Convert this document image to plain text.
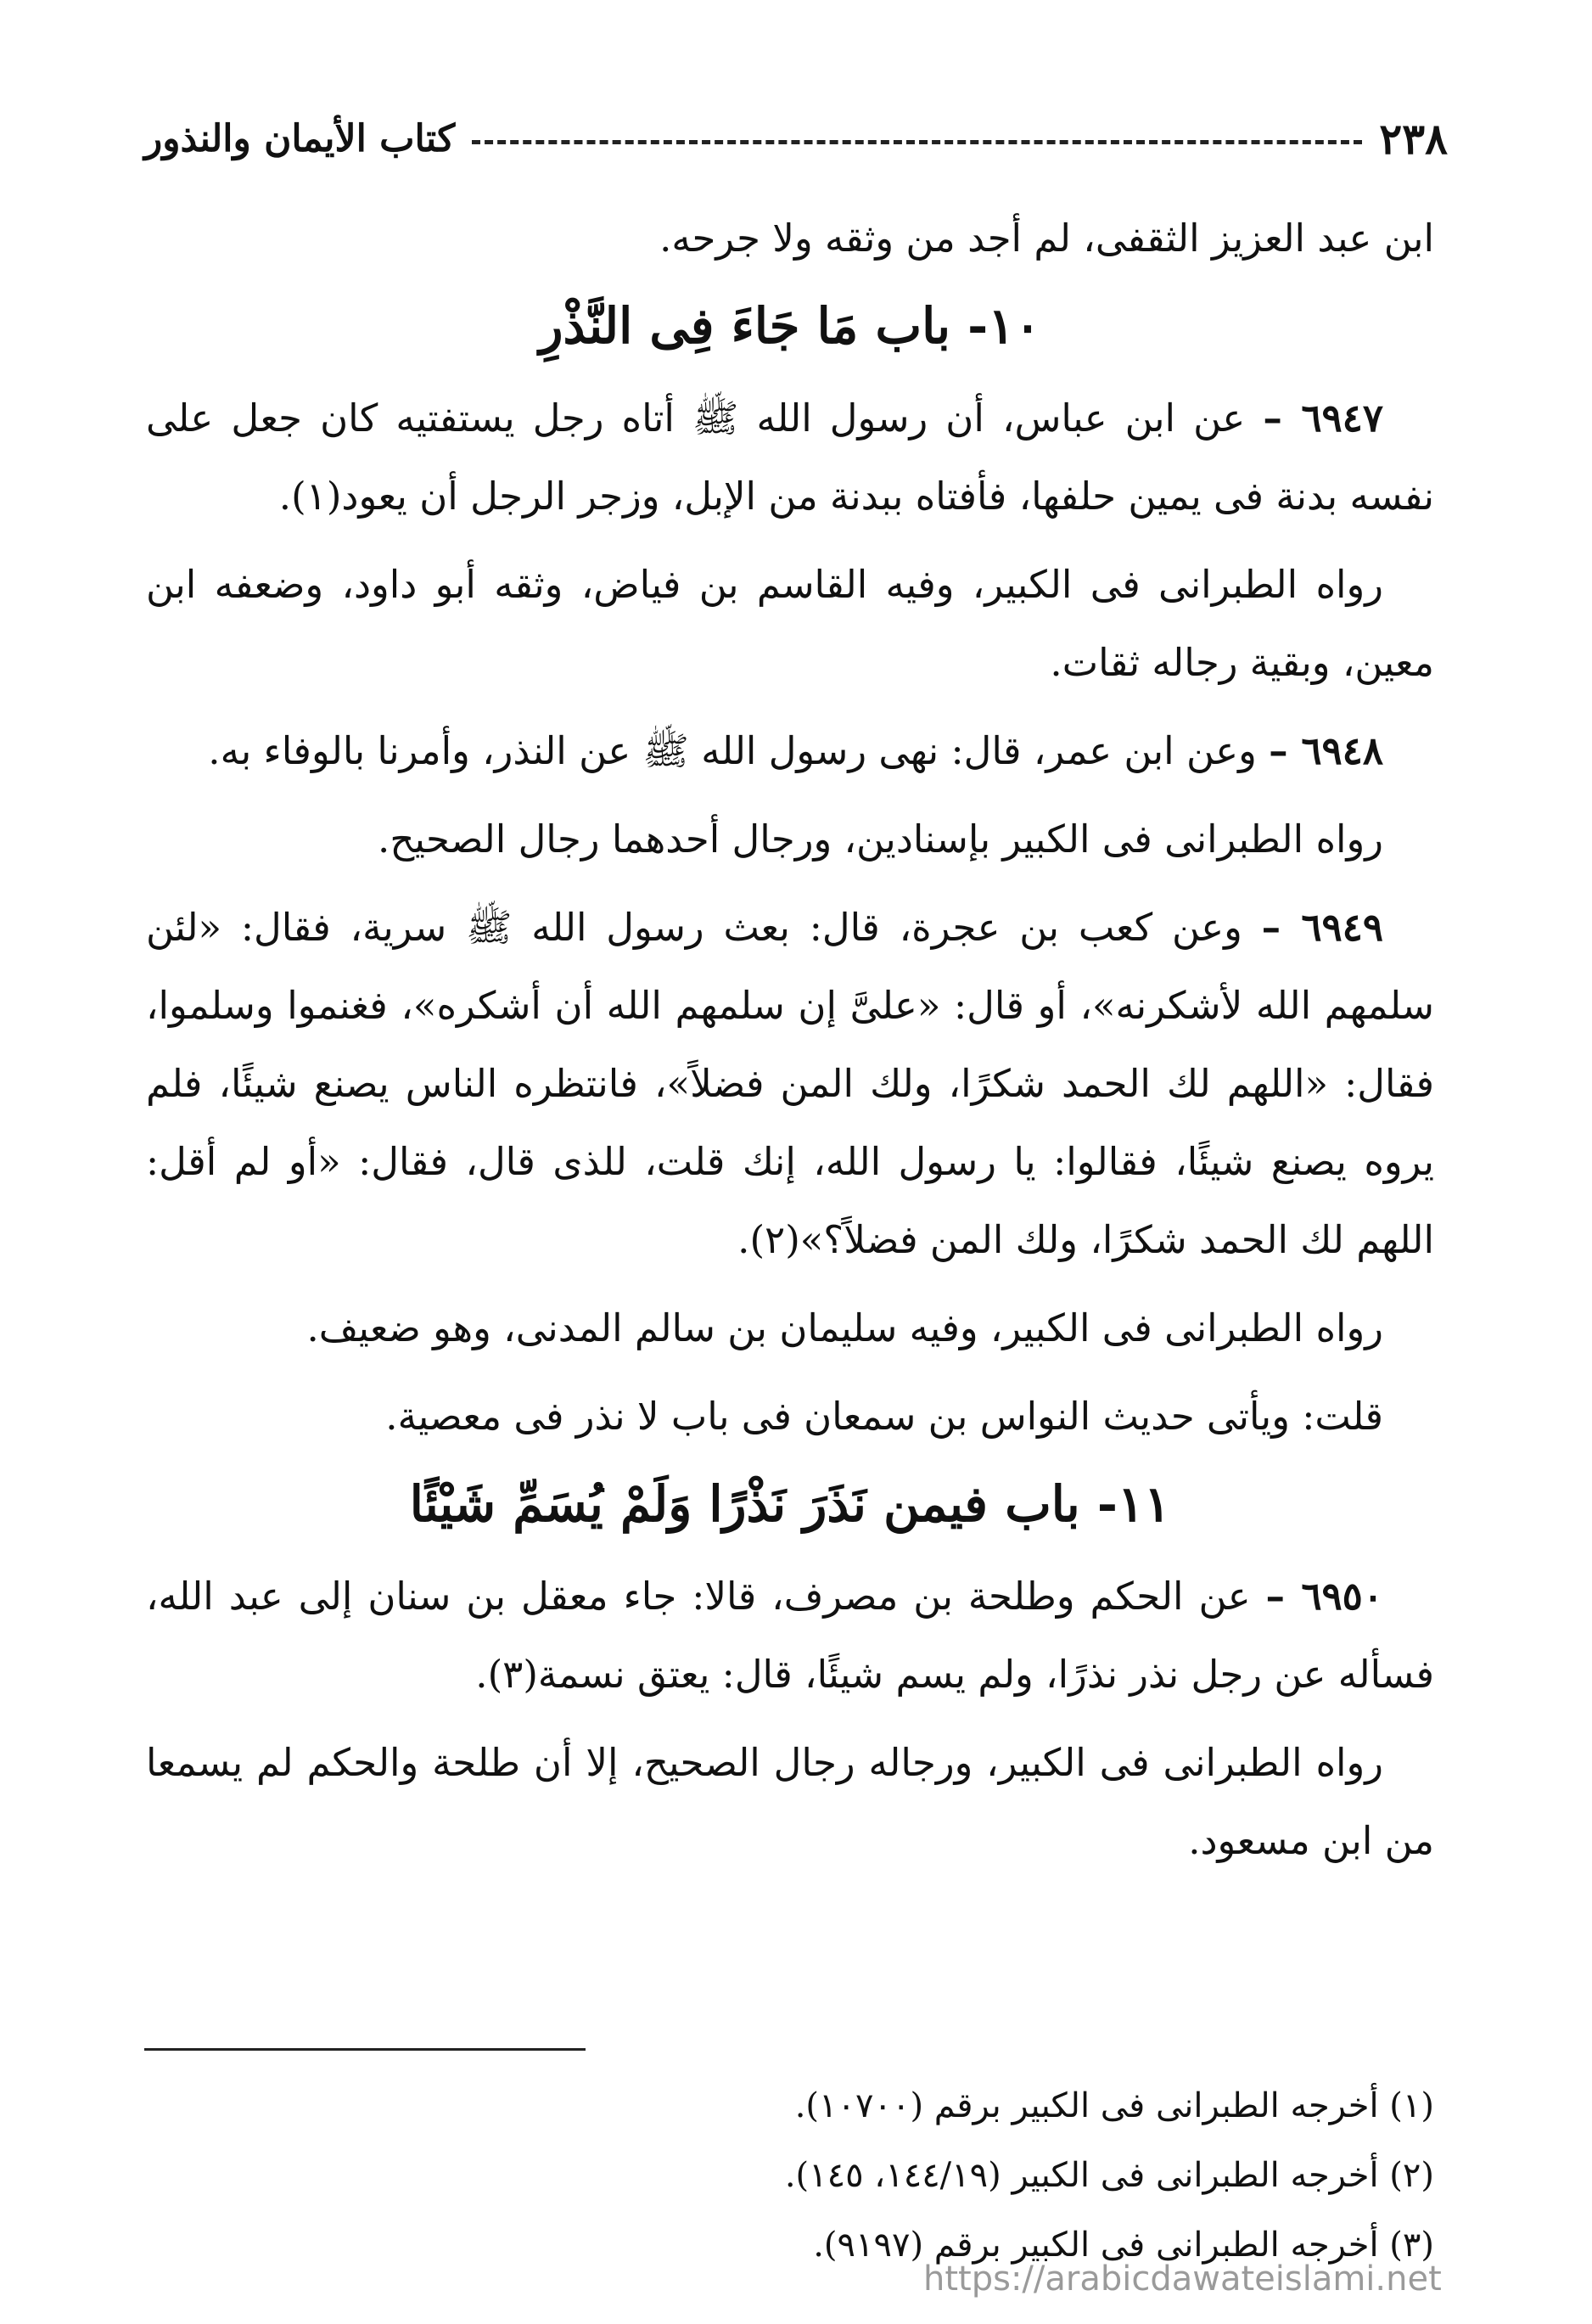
٢٣٨
كتاب الأيمان والنذور

ابن عبد العزيز الثقفى، لم أجد من وثقه ولا جرحه.

١٠- باب مَا جَاءَ فِى النَّذْرِ

٦٩٤٧ – عن ابن عباس، أن رسول الله ﷺ أتاه رجل يستفتيه كان جعل على نفسه بدنة فى يمين حلفها، فأفتاه ببدنة من الإبل، وزجر الرجل أن يعود(١).

رواه الطبرانى فى الكبير، وفيه القاسم بن فياض، وثقه أبو داود، وضعفه ابن معين، وبقية رجاله ثقات.

٦٩٤٨ – وعن ابن عمر، قال: نهى رسول الله ﷺ عن النذر، وأمرنا بالوفاء به.

رواه الطبرانى فى الكبير بإسنادين، ورجال أحدهما رجال الصحيح.

٦٩٤٩ – وعن كعب بن عجرة، قال: بعث رسول الله ﷺ سرية، فقال: «لئن سلمهم الله لأشكرنه»، أو قال: «علىَّ إن سلمهم الله أن أشكره»، فغنموا وسلموا، فقال: «اللهم لك الحمد شكرًا، ولك المن فضلاً»، فانتظره الناس يصنع شيئًا، فلم يروه يصنع شيئًا، فقالوا: يا رسول الله، إنك قلت، للذى قال، فقال: «أو لم أقل: اللهم لك الحمد شكرًا، ولك المن فضلاً؟»(٢).

رواه الطبرانى فى الكبير، وفيه سليمان بن سالم المدنى، وهو ضعيف.

قلت: ويأتى حديث النواس بن سمعان فى باب لا نذر فى معصية.

١١- باب فيمن نَذَرَ نَذْرًا وَلَمْ يُسَمِّ شَيْئًا

٦٩٥٠ – عن الحكم وطلحة بن مصرف، قالا: جاء معقل بن سنان إلى عبد الله، فسأله عن رجل نذر نذرًا، ولم يسم شيئًا، قال: يعتق نسمة(٣).

رواه الطبرانى فى الكبير، ورجاله رجال الصحيح، إلا أن طلحة والحكم لم يسمعا من ابن مسعود.

(١) أخرجه الطبرانى فى الكبير برقم (١٠٧٠٠).
(٢) أخرجه الطبرانى فى الكبير (١٤٤/١٩، ١٤٥).
(٣) أخرجه الطبرانى فى الكبير برقم (٩١٩٧).
https://arabicdawateislami.net
